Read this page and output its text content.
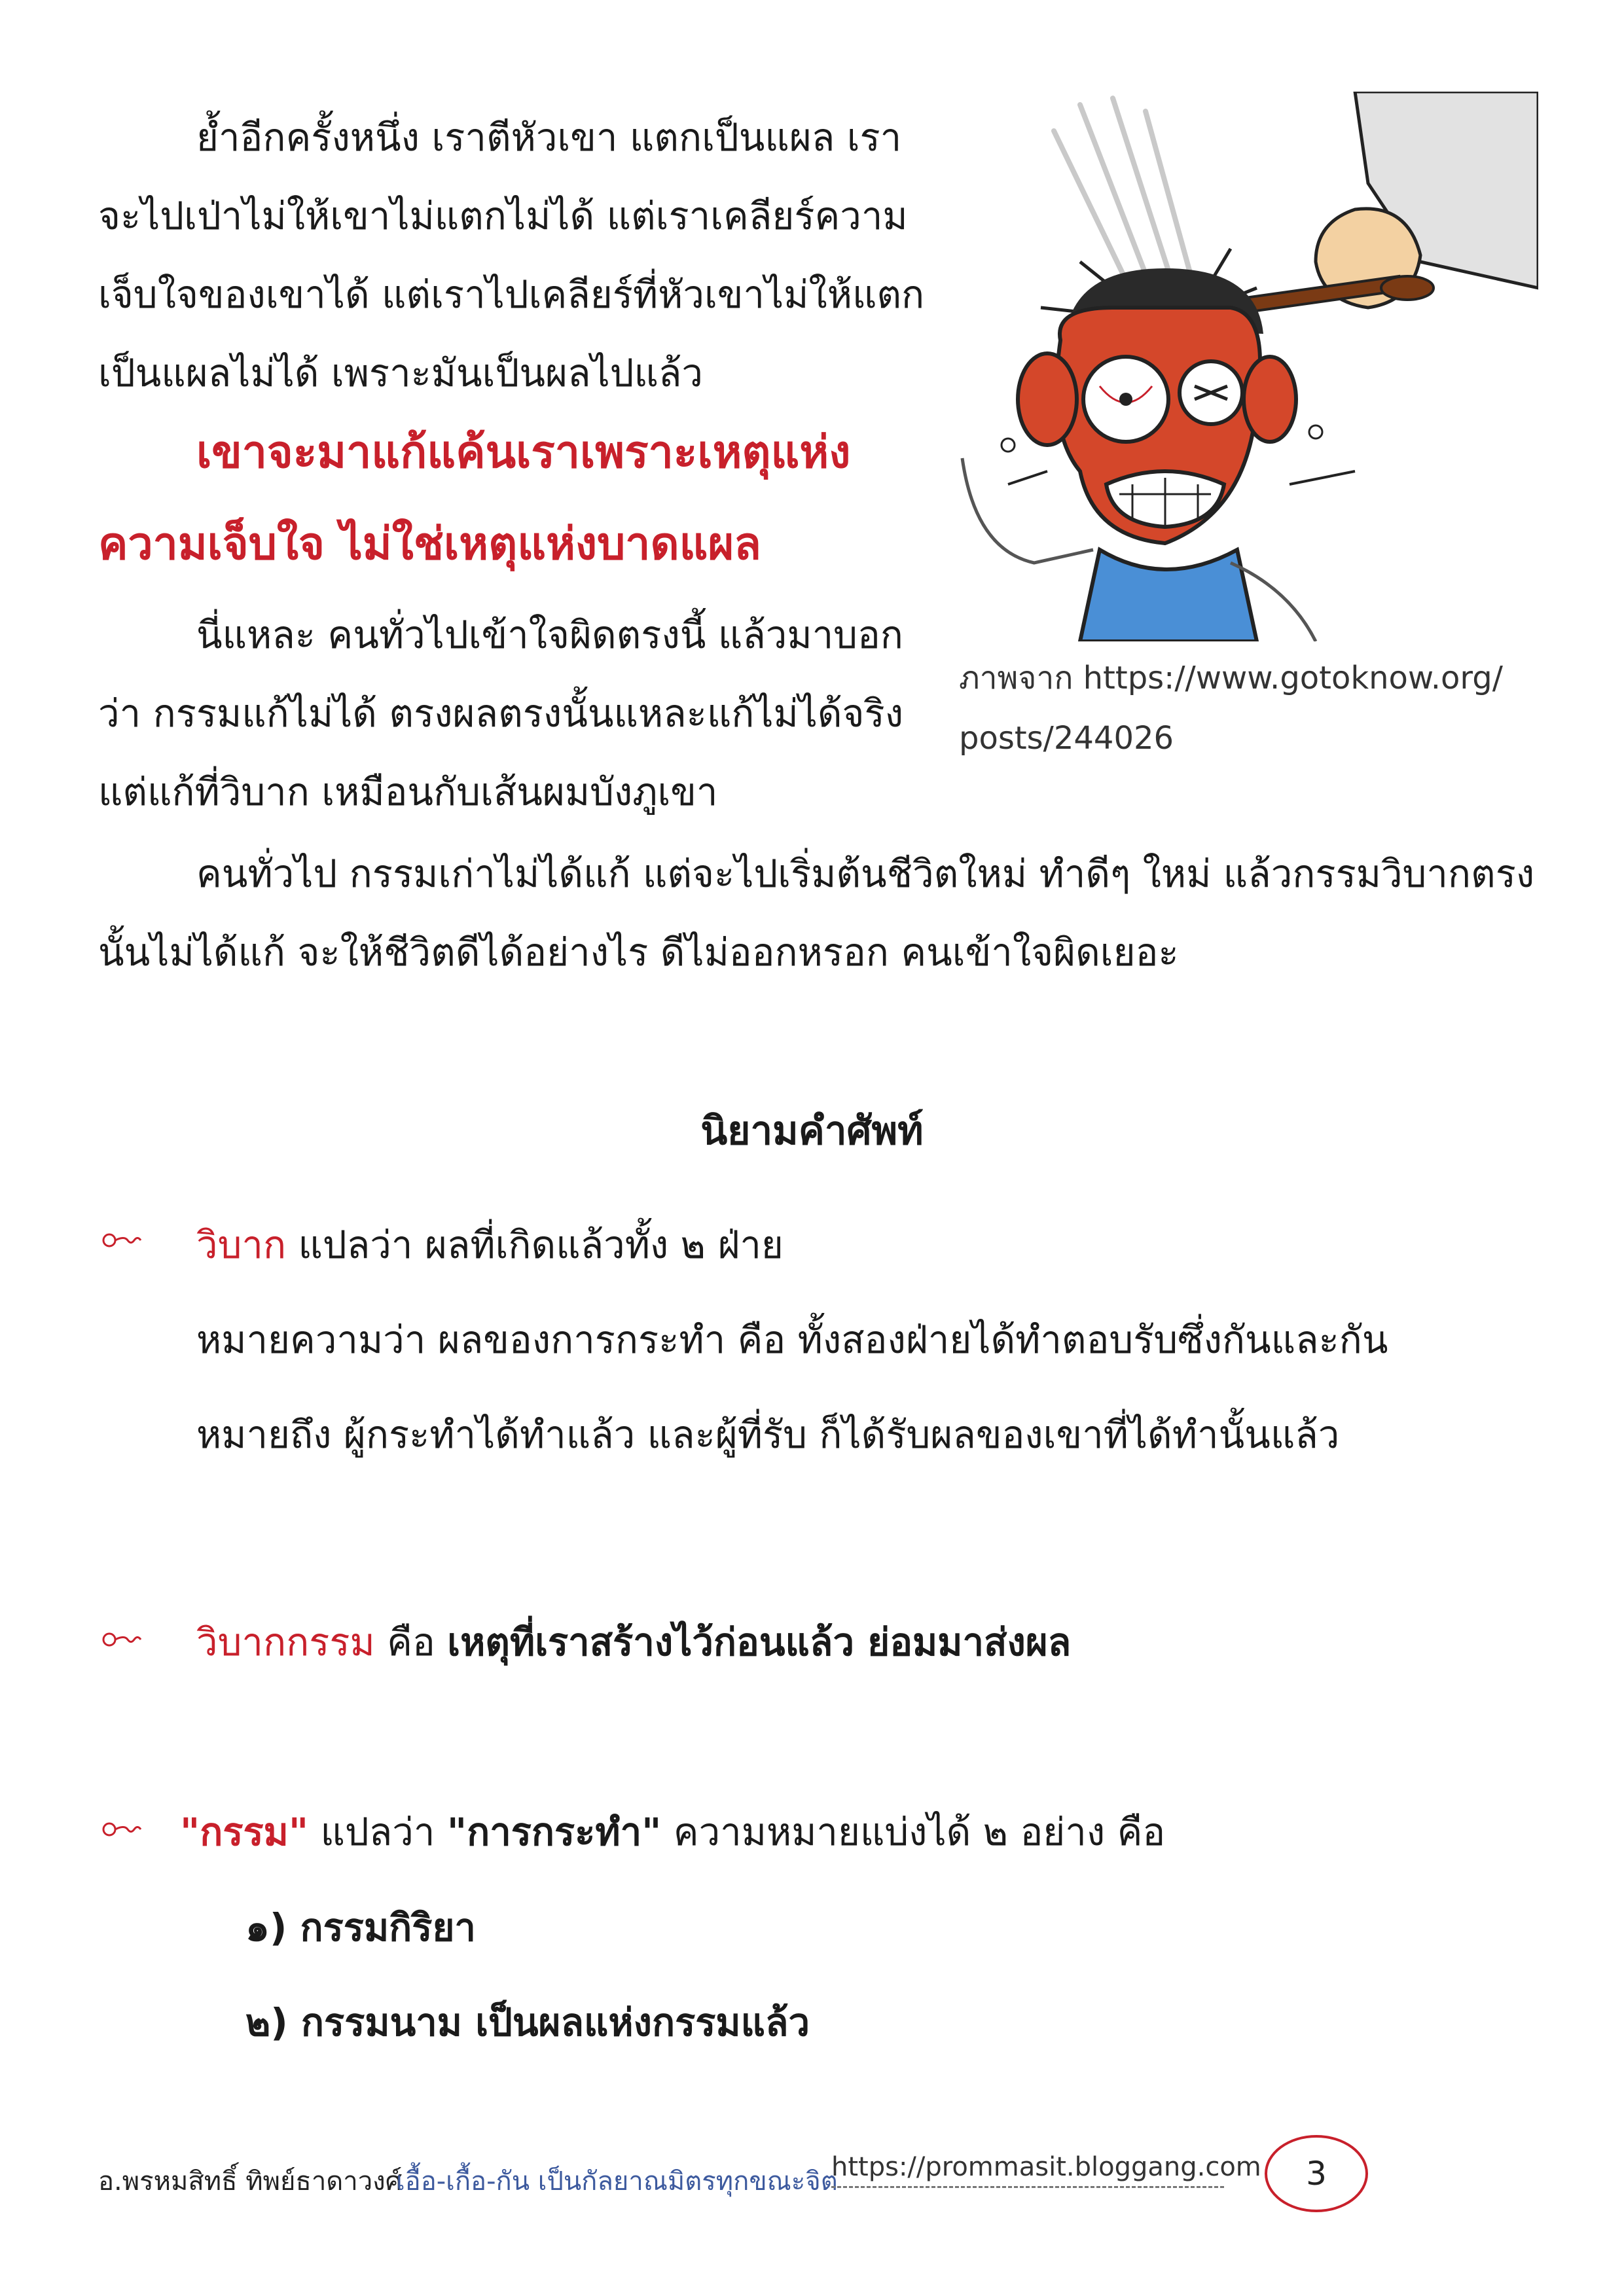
ย้ำอีกครั้งหนึ่ง เราตีหัวเขา แตกเป็นแผล เรา
จะไปเป่าไม่ให้เขาไม่แตกไม่ได้ แต่เราเคลียร์ความ
เจ็บใจของเขาได้ แต่เราไปเคลียร์ที่หัวเขาไม่ให้แตก
เป็นแผลไม่ได้ เพราะมันเป็นผลไปแล้ว
เขาจะมาแก้แค้นเราเพราะเหตุแห่ง
ความเจ็บใจ ไม่ใช่เหตุแห่งบาดแผล
นี่แหละ คนทั่วไปเข้าใจผิดตรงนี้ แล้วมาบอก
ว่า กรรมแก้ไม่ได้ ตรงผลตรงนั้นแหละแก้ไม่ได้จริง
แต่แก้ที่วิบาก เหมือนกับเส้นผมบังภูเขา
ภาพจาก https://www.gotoknow.org/
posts/244026
คนทั่วไป กรรมเก่าไม่ได้แก้ แต่จะไปเริ่มต้นชีวิตใหม่ ทำดีๆ ใหม่ แล้วกรรมวิบากตรง
นั้นไม่ได้แก้ จะให้ชีวิตดีได้อย่างไร ดีไม่ออกหรอก คนเข้าใจผิดเยอะ
นิยามคำศัพท์
วิบาก แปลว่า ผลที่เกิดแล้วทั้ง ๒ ฝ่าย
หมายความว่า ผลของการกระทำ คือ ทั้งสองฝ่ายได้ทำตอบรับซึ่งกันและกัน
หมายถึง ผู้กระทำได้ทำแล้ว และผู้ที่รับ ก็ได้รับผลของเขาที่ได้ทำนั้นแล้ว
วิบากกรรม คือ เหตุที่เราสร้างไว้ก่อนแล้ว ย่อมมาส่งผล
"กรรม" แปลว่า "การกระทำ" ความหมายแบ่งได้ ๒ อย่าง คือ
๑) กรรมกิริยา
๒) กรรมนาม เป็นผลแห่งกรรมแล้ว
อ.พรหมสิทธิ์ ทิพย์ธาดาวงศ์
เอื้อ-เกื้อ-กัน เป็นกัลยาณมิตรทุกขณะจิต
https://prommasit.bloggang.com	3
